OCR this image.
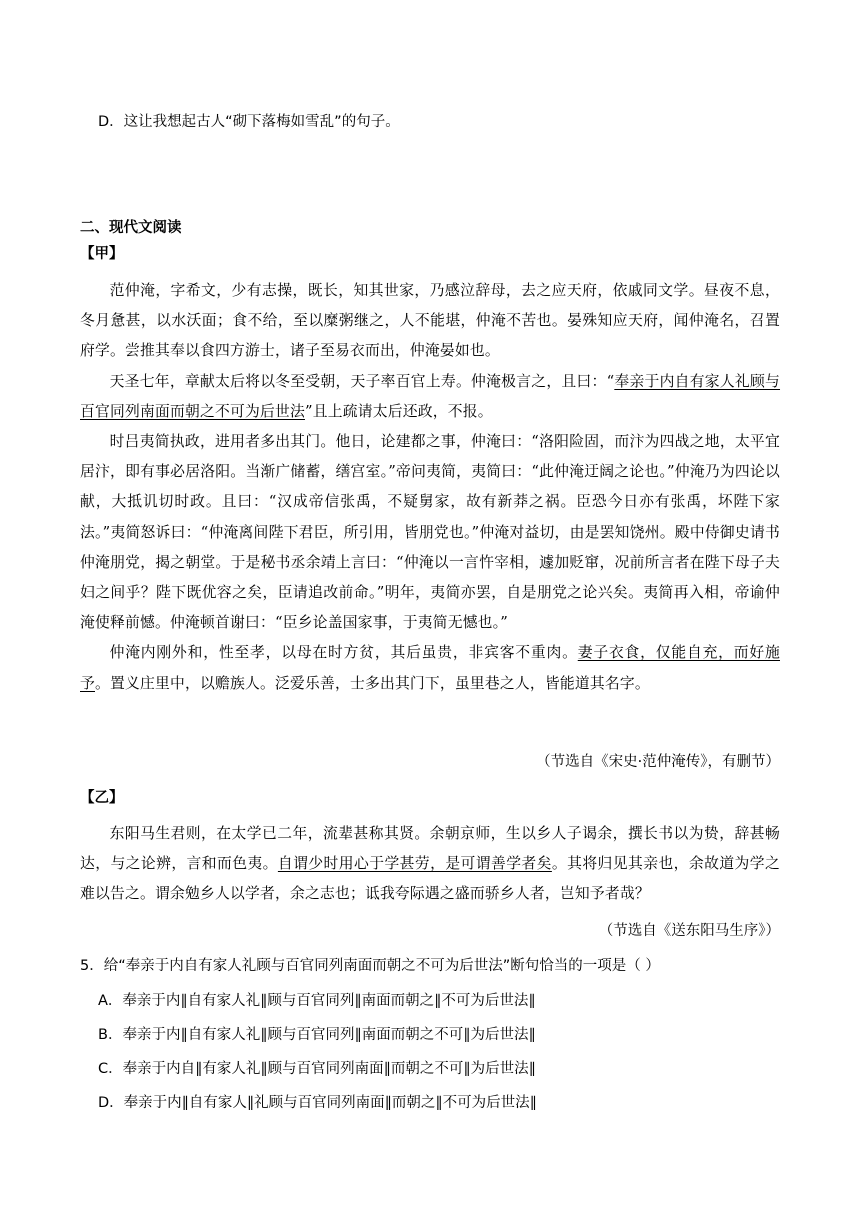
D．这让我想起古人“砌下落梅如雪乱”的句子。
二、现代文阅读
【甲】

范仲淹，字希文，少有志操，既长，知其世家，乃感泣辞母，去之应天府，依戚同文学。昼夜不息，冬月惫甚，以水沃面；食不给，至以糜粥继之，人不能堪，仲淹不苦也。晏殊知应天府，闻仲淹名，召置府学。尝推其奉以食四方游士，诸子至易衣而出，仲淹晏如也。

天圣七年，章献太后将以冬至受朝，天子率百官上寿。仲淹极言之，且曰：“奉亲于内自有家人礼顾与百官同列南面而朝之不可为后世法”且上疏请太后还政，不报。

时吕夷简执政，进用者多出其门。他日，论建都之事，仲淹曰：“洛阳险固，而汴为四战之地，太平宜居汴，即有事必居洛阳。当渐广储蓄，缮宫室。”帝问夷简，夷简曰：“此仲淹迂阔之论也。”仲淹乃为四论以献，大抵讥切时政。且曰：“汉成帝信张禹，不疑舅家，故有新莽之祸。臣恐今日亦有张禹，坏陛下家法。”夷简怒诉曰：“仲淹离间陛下君臣，所引用，皆朋党也。”仲淹对益切，由是罢知饶州。殿中侍御史请书仲淹朋党，揭之朝堂。于是秘书丞余靖上言曰：“仲淹以一言忤宰相，遽加贬窜，况前所言者在陛下母子夫妇之间乎？陛下既优容之矣，臣请追改前命。”明年，夷简亦罢，自是朋党之论兴矣。夷简再入相，帝谕仲淹使释前憾。仲淹顿首谢曰：“臣乡论盖国家事，于夷简无憾也。”

仲淹内刚外和，性至孝，以母在时方贫，其后虽贵，非宾客不重肉。妻子衣食，仅能自充，而好施予。置义庄里中，以赡族人。泛爱乐善，士多出其门下，虽里巷之人，皆能道其名字。

（节选自《宋史·范仲淹传》，有删节）
【乙】

东阳马生君则，在太学已二年，流辈甚称其贤。余朝京师，生以乡人子谒余，撰长书以为贽，辞甚畅达，与之论辨，言和而色夷。自谓少时用心于学甚劳，是可谓善学者矣。其将归见其亲也，余故道为学之难以告之。谓余勉乡人以学者，余之志也；诋我夸际遇之盛而骄乡人者，岂知予者哉？

（节选自《送东阳马生序》）
5．给“奉亲于内自有家人礼顾与百官同列南面而朝之不可为后世法”断句恰当的一项是（ ）
A．奉亲于内∥自有家人礼∥顾与百官同列∥南面而朝之∥不可为后世法∥
B．奉亲于内∥自有家人礼∥顾与百官同列∥南面而朝之不可∥为后世法∥
C．奉亲于内自∥有家人礼∥顾与百官同列南面∥而朝之不可∥为后世法∥
D．奉亲于内∥自有家人∥礼顾与百官同列南面∥而朝之∥不可为后世法∥
